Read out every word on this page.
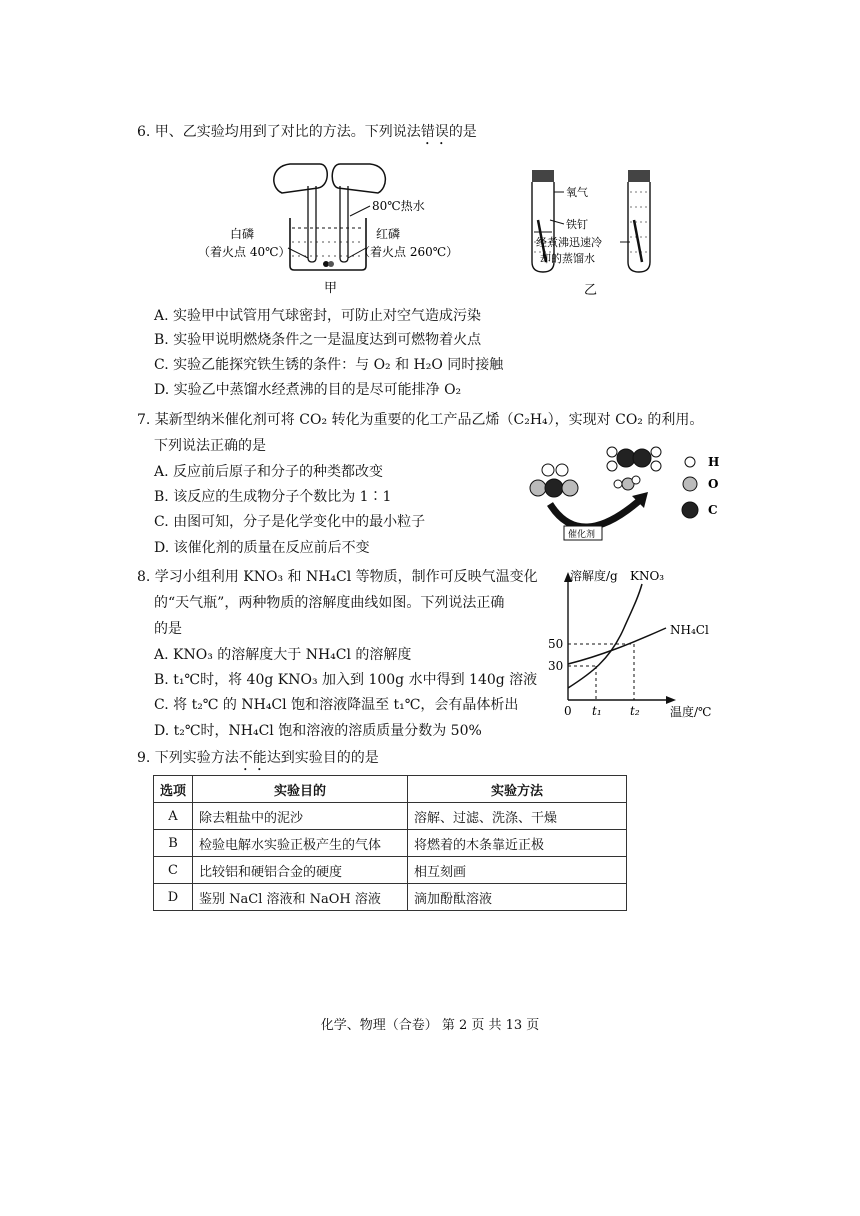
6. 甲、乙实验均用到了对比的方法。下列说法错误的是
80℃热水
白磷
（着火点 40℃）
红磷
（着火点 260℃）
甲
氧气
铁钉
经煮沸迅速冷
却的蒸馏水
乙
A. 实验甲中试管用气球密封，可防止对空气造成污染
B. 实验甲说明燃烧条件之一是温度达到可燃物着火点
C. 实验乙能探究铁生锈的条件：与 O₂ 和 H₂O 同时接触
D. 实验乙中蒸馏水经煮沸的目的是尽可能排净 O₂
7. 某新型纳米催化剂可将 CO₂ 转化为重要的化工产品乙烯（C₂H₄），实现对 CO₂ 的利用。
下列说法正确的是
A. 反应前后原子和分子的种类都改变
B. 该反应的生成物分子个数比为 1∶1
C. 由图可知，分子是化学变化中的最小粒子
D. 该催化剂的质量在反应前后不变
催化剂
H
O
C
8. 学习小组利用 KNO₃ 和 NH₄Cl 等物质，制作可反映气温变化
的“天气瓶”，两种物质的溶解度曲线如图。下列说法正确
的是
A. KNO₃ 的溶解度大于 NH₄Cl 的溶解度
B. t₁℃时，将 40g KNO₃ 加入到 100g 水中得到 140g 溶液
C. 将 t₂℃ 的 NH₄Cl 饱和溶液降温至 t₁℃，会有晶体析出
D. t₂℃时，NH₄Cl 饱和溶液的溶质质量分数为 50%
溶解度/g KNO₃
NH₄Cl
50
30
0 t₁ t₂	温度/℃
9. 下列实验方法不能达到实验目的的是
选项	实验目的	实验方法
A	除去粗盐中的泥沙	溶解、过滤、洗涤、干燥
B	检验电解水实验正极产生的气体	将燃着的木条靠近正极
C	比较铝和硬铝合金的硬度	相互刻画
D	鉴别 NaCl 溶液和 NaOH 溶液	滴加酚酞溶液
化学、物理（合卷） 第 2 页 共 13 页
